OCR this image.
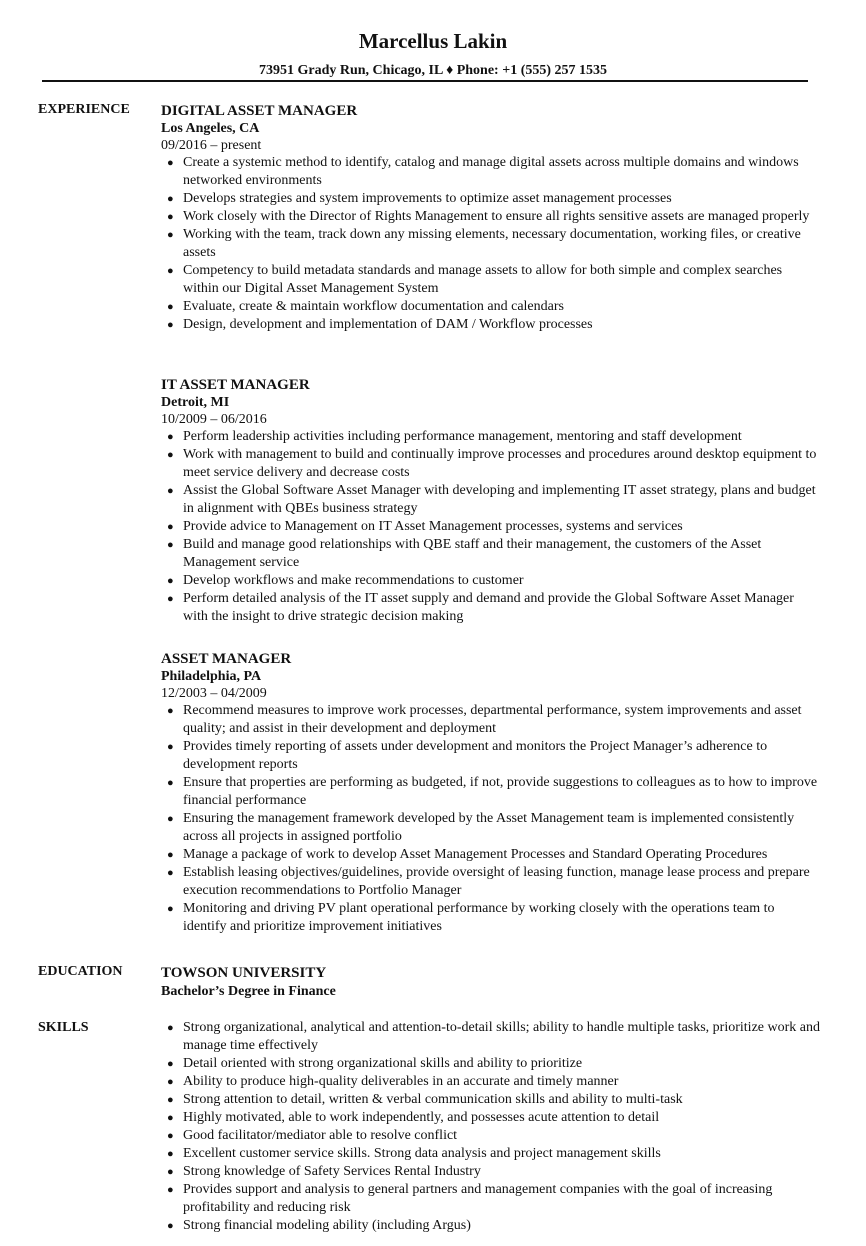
Marcellus Lakin
73951 Grady Run, Chicago, IL ♦ Phone: +1 (555) 257 1535
EXPERIENCE DIGITAL ASSET MANAGER
Los Angeles, CA
09/2016 – present
● Create a systemic method to identify, catalog and manage digital assets across multiple domains and windows networked environments
● Develops strategies and system improvements to optimize asset management processes
● Work closely with the Director of Rights Management to ensure all rights sensitive assets are managed properly
● Working with the team, track down any missing elements, necessary documentation, working files, or creative assets
● Competency to build metadata standards and manage assets to allow for both simple and complex searches within our Digital Asset Management System
● Evaluate, create & maintain workflow documentation and calendars
● Design, development and implementation of DAM / Workflow processes
IT ASSET MANAGER
Detroit, MI
10/2009 – 06/2016
● Perform leadership activities including performance management, mentoring and staff development
● Work with management to build and continually improve processes and procedures around desktop equipment to meet service delivery and decrease costs
● Assist the Global Software Asset Manager with developing and implementing IT asset strategy, plans and budget in alignment with QBEs business strategy
● Provide advice to Management on IT Asset Management processes, systems and services
● Build and manage good relationships with QBE staff and their management, the customers of the Asset Management service
● Develop workflows and make recommendations to customer
● Perform detailed analysis of the IT asset supply and demand and provide the Global Software Asset Manager with the insight to drive strategic decision making
ASSET MANAGER
Philadelphia, PA
12/2003 – 04/2009
● Recommend measures to improve work processes, departmental performance, system improvements and asset quality; and assist in their development and deployment
● Provides timely reporting of assets under development and monitors the Project Manager’s adherence to development reports
● Ensure that properties are performing as budgeted, if not, provide suggestions to colleagues as to how to improve financial performance
● Ensuring the management framework developed by the Asset Management team is implemented consistently across all projects in assigned portfolio
● Manage a package of work to develop Asset Management Processes and Standard Operating Procedures
● Establish leasing objectives/guidelines, provide oversight of leasing function, manage lease process and prepare execution recommendations to Portfolio Manager
● Monitoring and driving PV plant operational performance by working closely with the operations team to identify and prioritize improvement initiatives
EDUCATION	TOWSON UNIVERSITY
Bachelor’s Degree in Finance
SKILLS	● Strong organizational, analytical and attention-to-detail skills; ability to handle multiple tasks, prioritize work and manage time effectively
● Detail oriented with strong organizational skills and ability to prioritize
● Ability to produce high-quality deliverables in an accurate and timely manner
● Strong attention to detail, written & verbal communication skills and ability to multi-task
● Highly motivated, able to work independently, and possesses acute attention to detail
● Good facilitator/mediator able to resolve conflict
● Excellent customer service skills. Strong data analysis and project management skills
● Strong knowledge of Safety Services Rental Industry
● Provides support and analysis to general partners and management companies with the goal of increasing profitability and reducing risk
● Strong financial modeling ability (including Argus)
